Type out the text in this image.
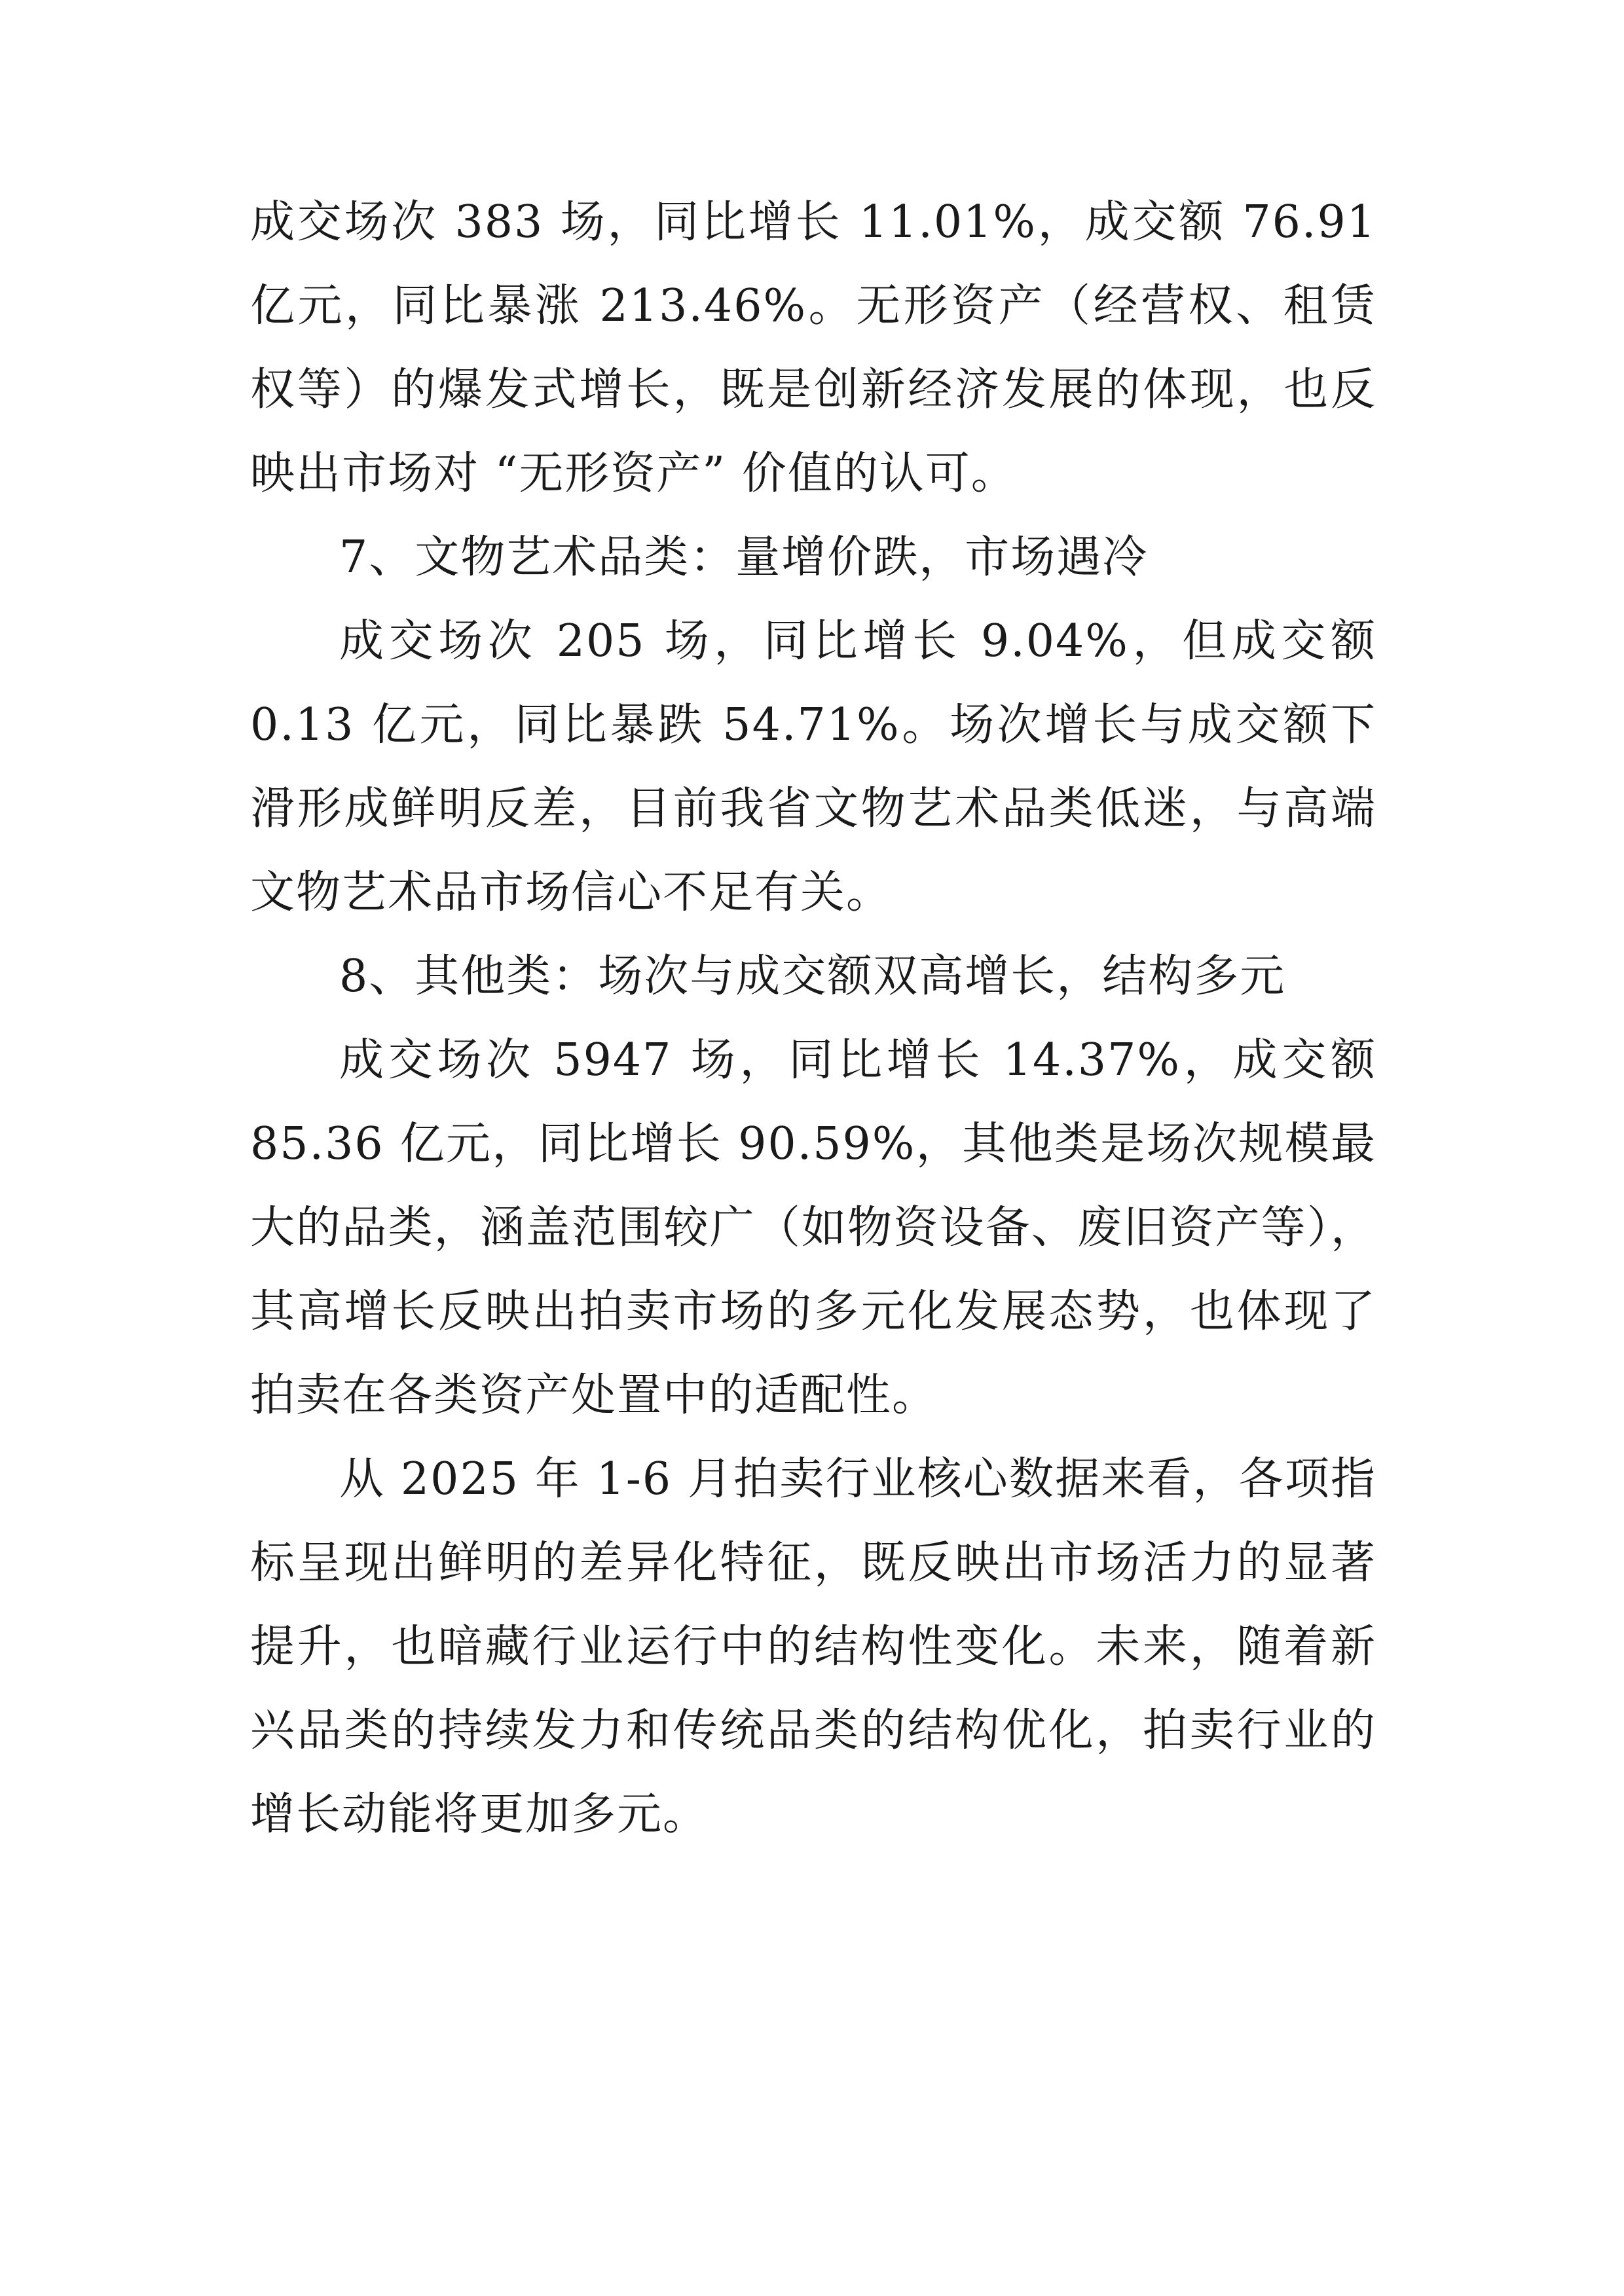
成交场次 383 场，同比增长 11.01%，成交额 76.91 亿元，同比暴涨 213.46%。无形资产（经营权、租赁权等）的爆发式增长，既是创新经济发展的体现，也反映出市场对 “无形资产” 价值的认可。

7、文物艺术品类：量增价跌，市场遇冷

成交场次 205 场，同比增长 9.04%，但成交额 0.13 亿元，同比暴跌 54.71%。场次增长与成交额下滑形成鲜明反差，目前我省文物艺术品类低迷，与高端文物艺术品市场信心不足有关。

8、其他类：场次与成交额双高增长，结构多元

成交场次 5947 场，同比增长 14.37%，成交额 85.36 亿元，同比增长 90.59%，其他类是场次规模最大的品类，涵盖范围较广（如物资设备、废旧资产等），其高增长反映出拍卖市场的多元化发展态势，也体现了拍卖在各类资产处置中的适配性。

从 2025 年 1-6 月拍卖行业核心数据来看，各项指标呈现出鲜明的差异化特征，既反映出市场活力的显著提升，也暗藏行业运行中的结构性变化。未来，随着新兴品类的持续发力和传统品类的结构优化，拍卖行业的增长动能将更加多元。
